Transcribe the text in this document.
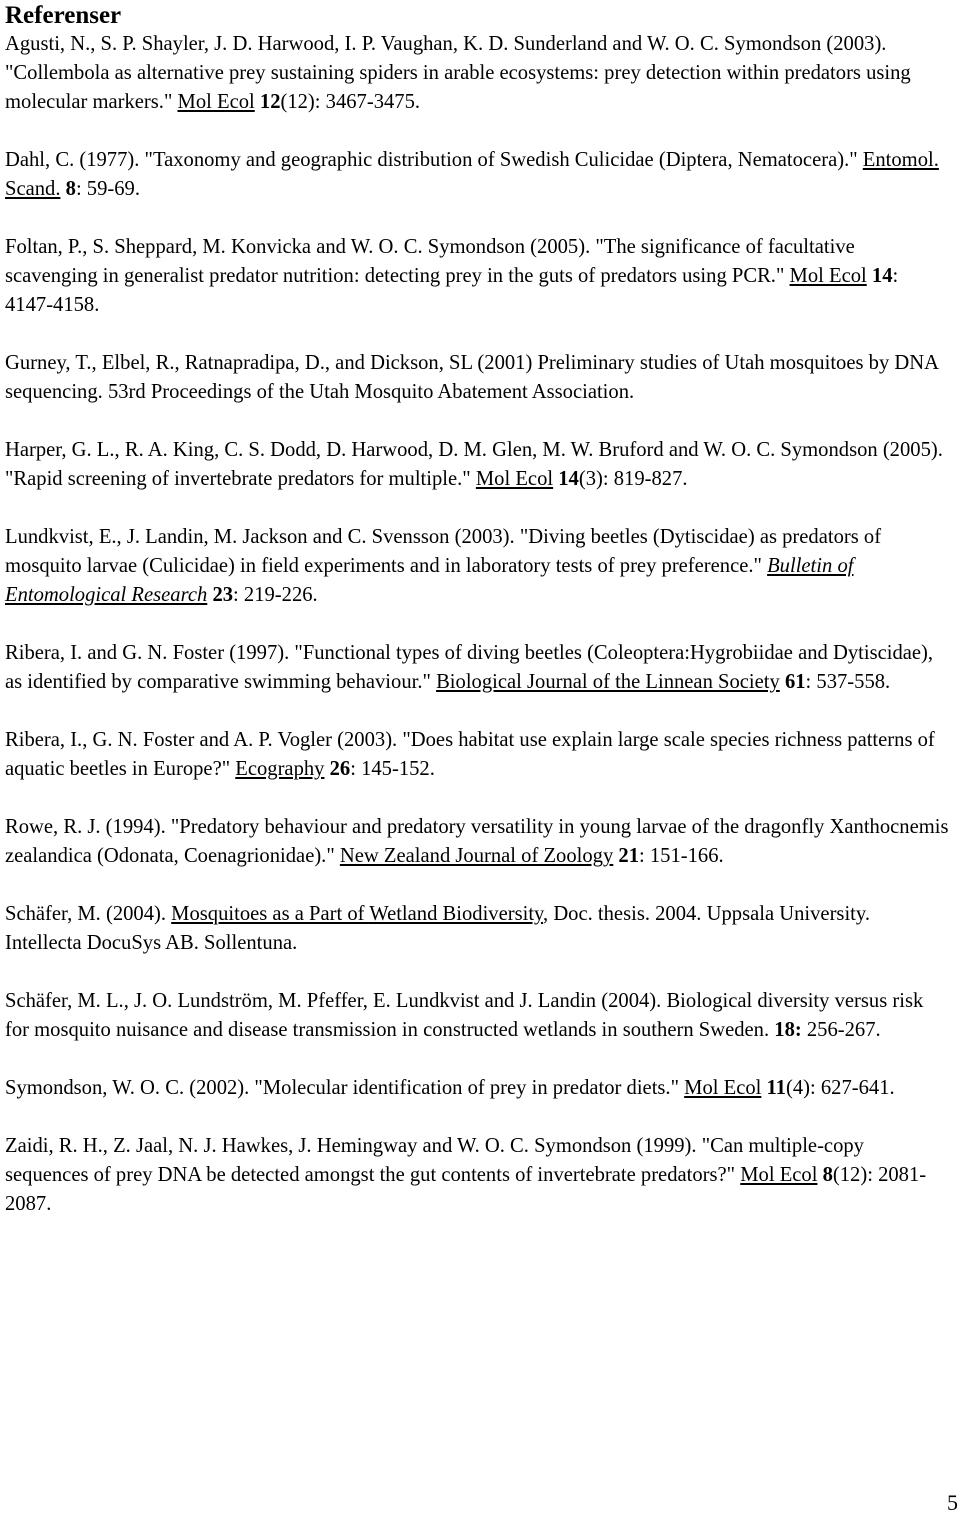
Referenser

Agusti, N., S. P. Shayler, J. D. Harwood, I. P. Vaughan, K. D. Sunderland and W. O. C. Symondson (2003). "Collembola as alternative prey sustaining spiders in arable ecosystems: prey detection within predators using molecular markers." Mol Ecol 12(12): 3467-3475.

Dahl, C. (1977). "Taxonomy and geographic distribution of Swedish Culicidae (Diptera, Nematocera)." Entomol. Scand. 8: 59-69.

Foltan, P., S. Sheppard, M. Konvicka and W. O. C. Symondson (2005). "The significance of facultative scavenging in generalist predator nutrition: detecting prey in the guts of predators using PCR." Mol Ecol 14: 4147-4158.

Gurney, T., Elbel, R., Ratnapradipa, D., and Dickson, SL (2001) Preliminary studies of Utah mosquitoes by DNA sequencing. 53rd Proceedings of the Utah Mosquito Abatement Association.

Harper, G. L., R. A. King, C. S. Dodd, D. Harwood, D. M. Glen, M. W. Bruford and W. O. C. Symondson (2005). "Rapid screening of invertebrate predators for multiple." Mol Ecol 14(3): 819-827.

Lundkvist, E., J. Landin, M. Jackson and C. Svensson (2003). "Diving beetles (Dytiscidae) as predators of mosquito larvae (Culicidae) in field experiments and in laboratory tests of prey preference." Bulletin of Entomological Research 23: 219-226.

Ribera, I. and G. N. Foster (1997). "Functional types of diving beetles (Coleoptera:Hygrobiidae and Dytiscidae), as identified by comparative swimming behaviour." Biological Journal of the Linnean Society 61: 537-558.

Ribera, I., G. N. Foster and A. P. Vogler (2003). "Does habitat use explain large scale species richness patterns of aquatic beetles in Europe?" Ecography 26: 145-152.

Rowe, R. J. (1994). "Predatory behaviour and predatory versatility in young larvae of the dragonfly Xanthocnemis zealandica (Odonata, Coenagrionidae)." New Zealand Journal of Zoology 21: 151-166.

Schäfer, M. (2004). Mosquitoes as a Part of Wetland Biodiversity, Doc. thesis. 2004. Uppsala University. Intellecta DocuSys AB. Sollentuna.

Schäfer, M. L., J. O. Lundström, M. Pfeffer, E. Lundkvist and J. Landin (2004). Biological diversity versus risk for mosquito nuisance and disease transmission in constructed wetlands in southern Sweden. 18: 256-267.

Symondson, W. O. C. (2002). "Molecular identification of prey in predator diets." Mol Ecol 11(4): 627-641.

Zaidi, R. H., Z. Jaal, N. J. Hawkes, J. Hemingway and W. O. C. Symondson (1999). "Can multiple-copy sequences of prey DNA be detected amongst the gut contents of invertebrate predators?" Mol Ecol 8(12): 2081-2087.

5
